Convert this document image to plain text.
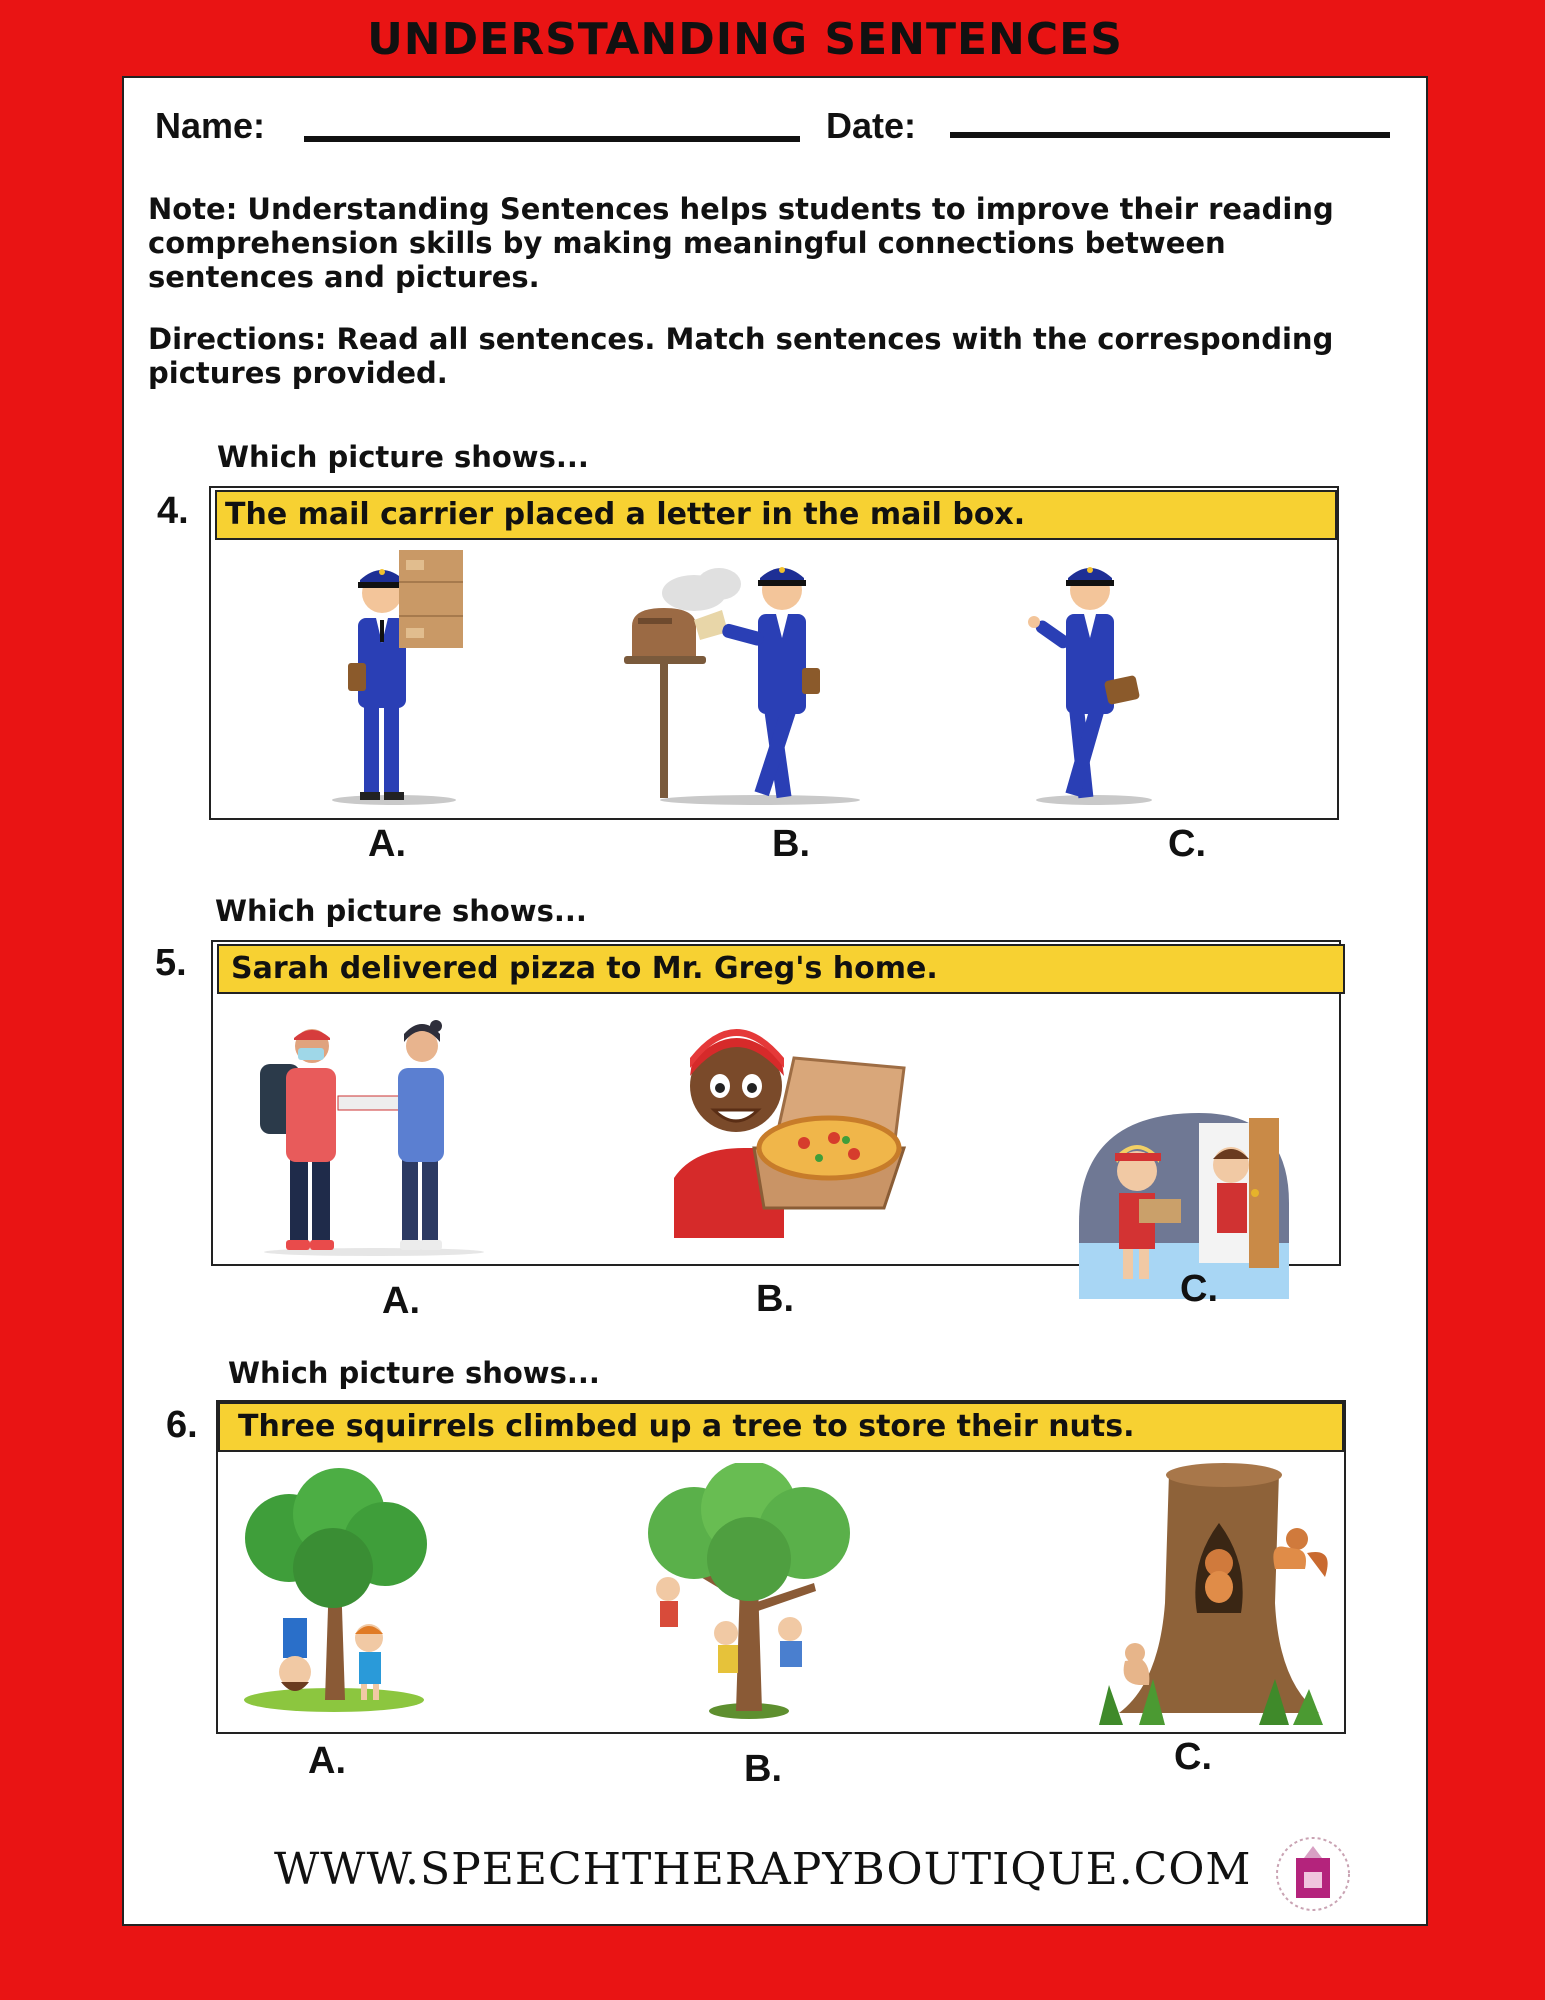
UNDERSTANDING SENTENCES
Name:	Date:

Note: Understanding Sentences helps students to improve their reading comprehension skills by making meaningful connections between sentences and pictures.

Directions: Read all sentences. Match sentences with the corresponding pictures provided.

Which picture shows...
4.	The mail carrier placed a letter in the mail box.
A.	B.	C.
Which picture shows...
5.	Sarah delivered pizza to Mr. Greg's home.
PIZZA
A.	B.	C.
Which picture shows...
6.	Three squirrels climbed up a tree to store their nuts.
A.	B.	C.
WWW.SPEECHTHERAPYBOUTIQUE.COM
